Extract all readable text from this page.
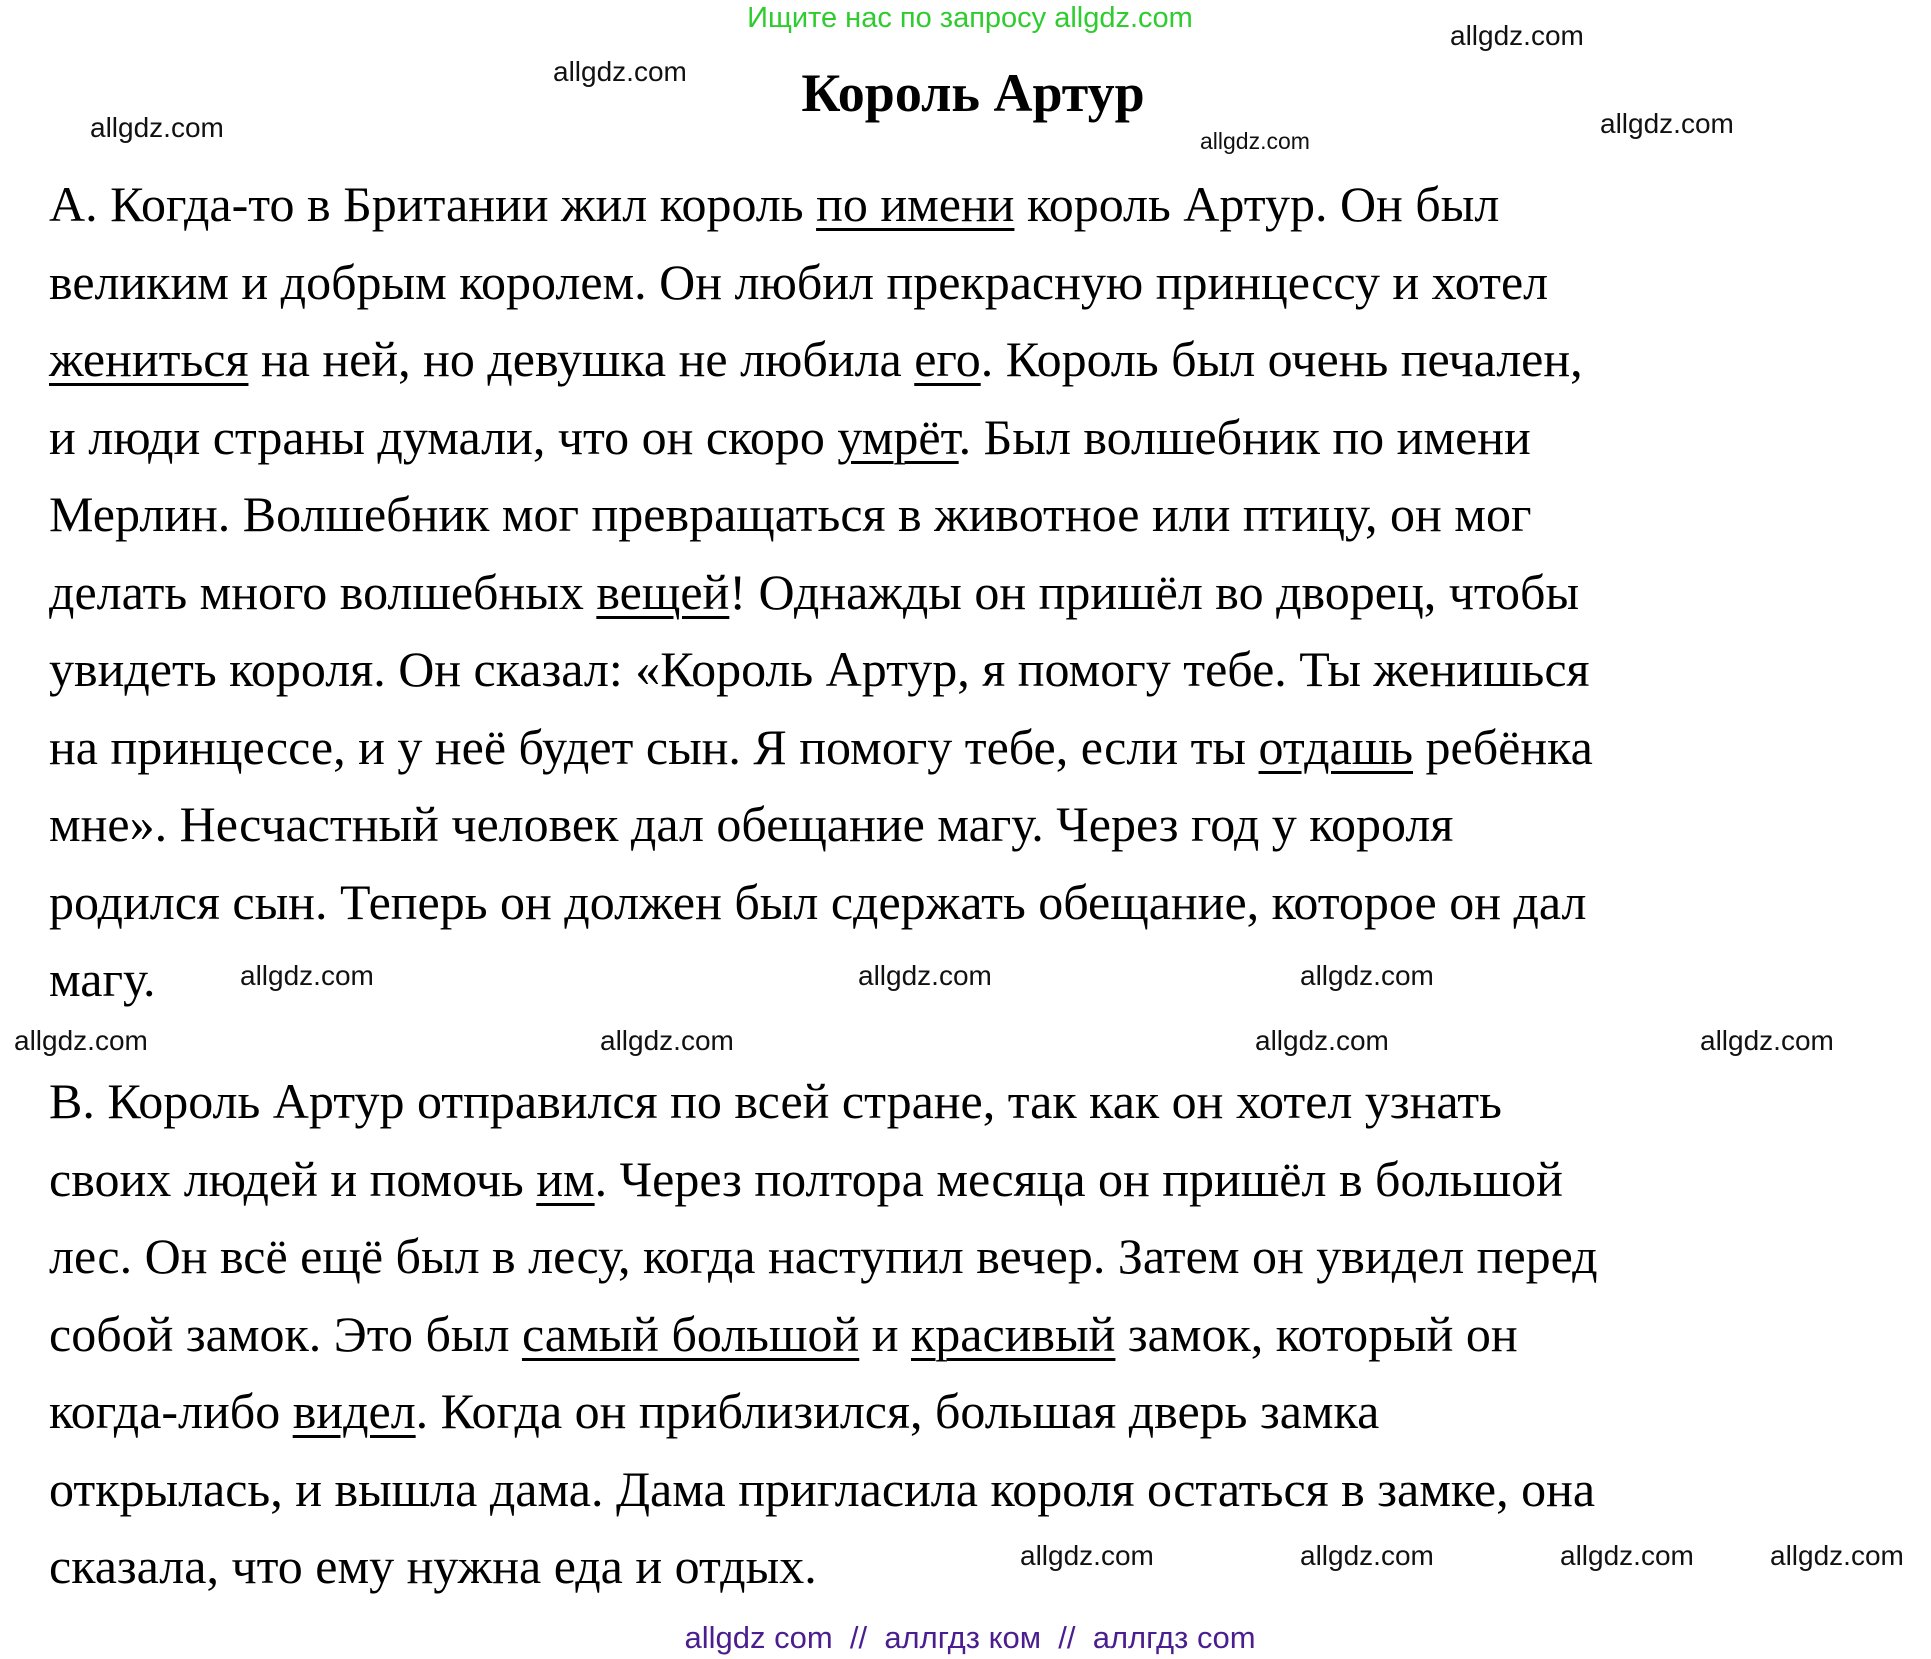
Ищите нас по запросу allgdz.com
Король Артур
A. Когда-то в Британии жил король по имени король Артур. Он был
великим и добрым королем. Он любил прекрасную принцессу и хотел
жениться на ней, но девушка не любила его. Король был очень печален,
и люди страны думали, что он скоро умрёт. Был волшебник по имени
Мерлин. Волшебник мог превращаться в животное или птицу, он мог
делать много волшебных вещей! Однажды он пришёл во дворец, чтобы
увидеть короля. Он сказал: «Король Артур, я помогу тебе. Ты женишься
на принцессе, и у неё будет сын. Я помогу тебе, если ты отдашь ребёнка
мне». Несчастный человек дал обещание магу. Через год у короля
родился сын. Теперь он должен был сдержать обещание, которое он дал
магу.
B. Король Артур отправился по всей стране, так как он хотел узнать
своих людей и помочь им. Через полтора месяца он пришёл в большой
лес. Он всё ещё был в лесу, когда наступил вечер. Затем он увидел перед
собой замок. Это был самый большой и красивый замок, который он
когда-либо видел. Когда он приблизился, большая дверь замка
открылась, и вышла дама. Дама пригласила короля остаться в замке, она
сказала, что ему нужна еда и отдых.
allgdz.com
allgdz.com	allgdz.com
allgdz.com
allgdz.com
allgdz.com	allgdz.com	allgdz.com
allgdz.com	allgdz.com	allgdz.com	allgdz.com
allgdz.com	allgdz.com	allgdz.com	allgdz.com
allgdz com  //  аллгдз ком  //  аллгдз com
